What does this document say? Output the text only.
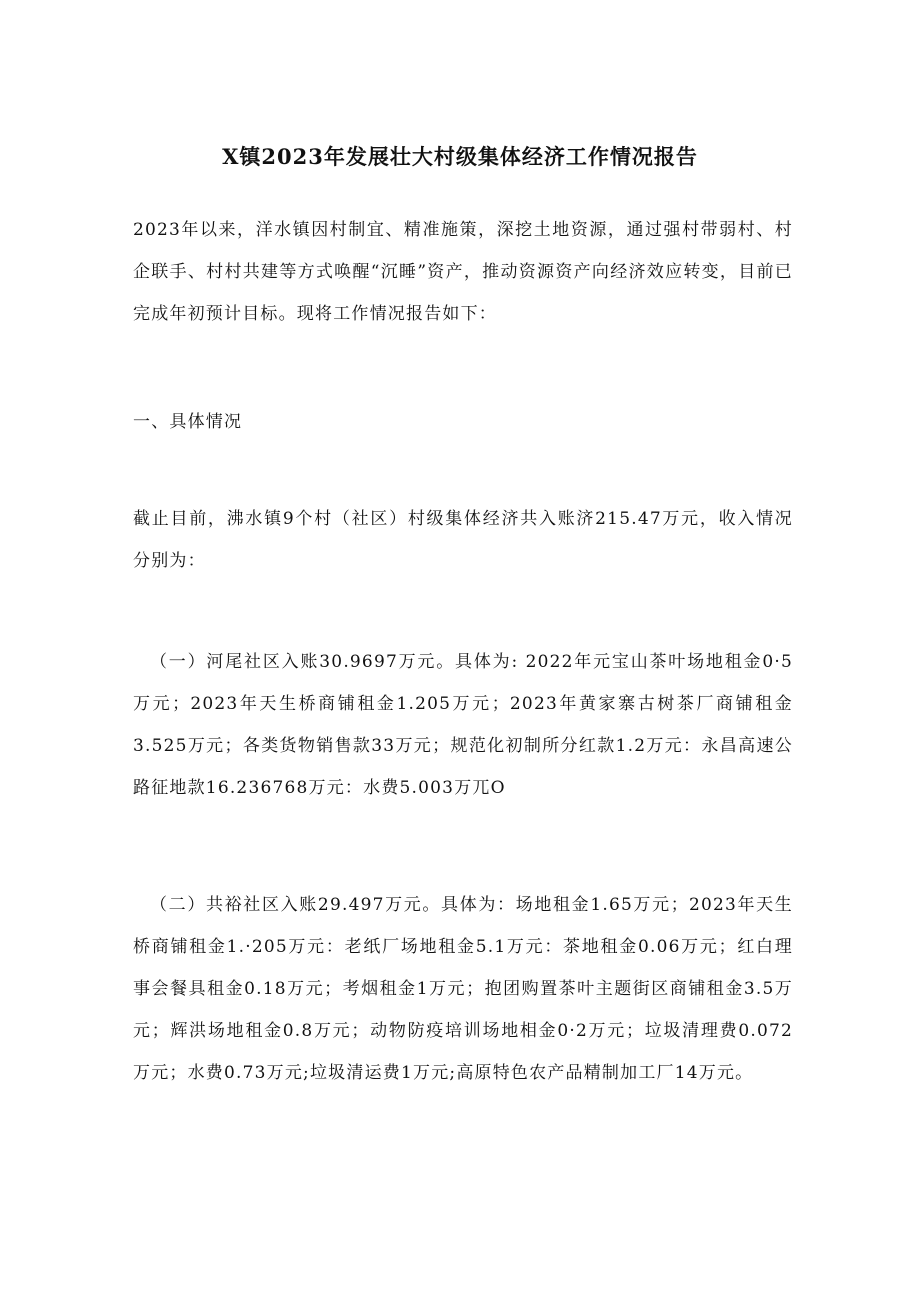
X镇2023年发展壮大村级集体经济工作情况报告

2023年以来，洋水镇因村制宜、精准施策，深挖土地资源，通过强村带弱村、村企联手、村村共建等方式唤醒“沉睡”资产，推动资源资产向经济效应转变，目前已完成年初预计目标。现将工作情况报告如下：

一、具体情况

截止目前，沸水镇9个村（社区）村级集体经济共入账济215.47万元，收入情况分别为：

（一）河尾社区入账30.9697万元。具体为: 2022年元宝山茶叶场地租金0·5万元；2023年天生桥商铺租金1.205万元；2023年黄家寨古树茶厂商铺租金3.525万元；各类货物销售款33万元；规范化初制所分红款1.2万元：永昌高速公路征地款16.236768万元：水费5.003万兀O

（二）共裕社区入账29.497万元。具体为：场地租金1.65万元；2023年天生桥商铺租金1.·205万元：老纸厂场地租金5.1万元：茶地租金0.06万元；红白理事会餐具租金0.18万元；考烟租金1万元；抱团购置茶叶主题街区商铺租金3.5万元；辉洪场地租金0.8万元；动物防疫培训场地相金0·2万元；垃圾清理费0.072万元；水费0.73万元;垃圾清运费1万元;高原特色农产品精制加工厂14万元。
